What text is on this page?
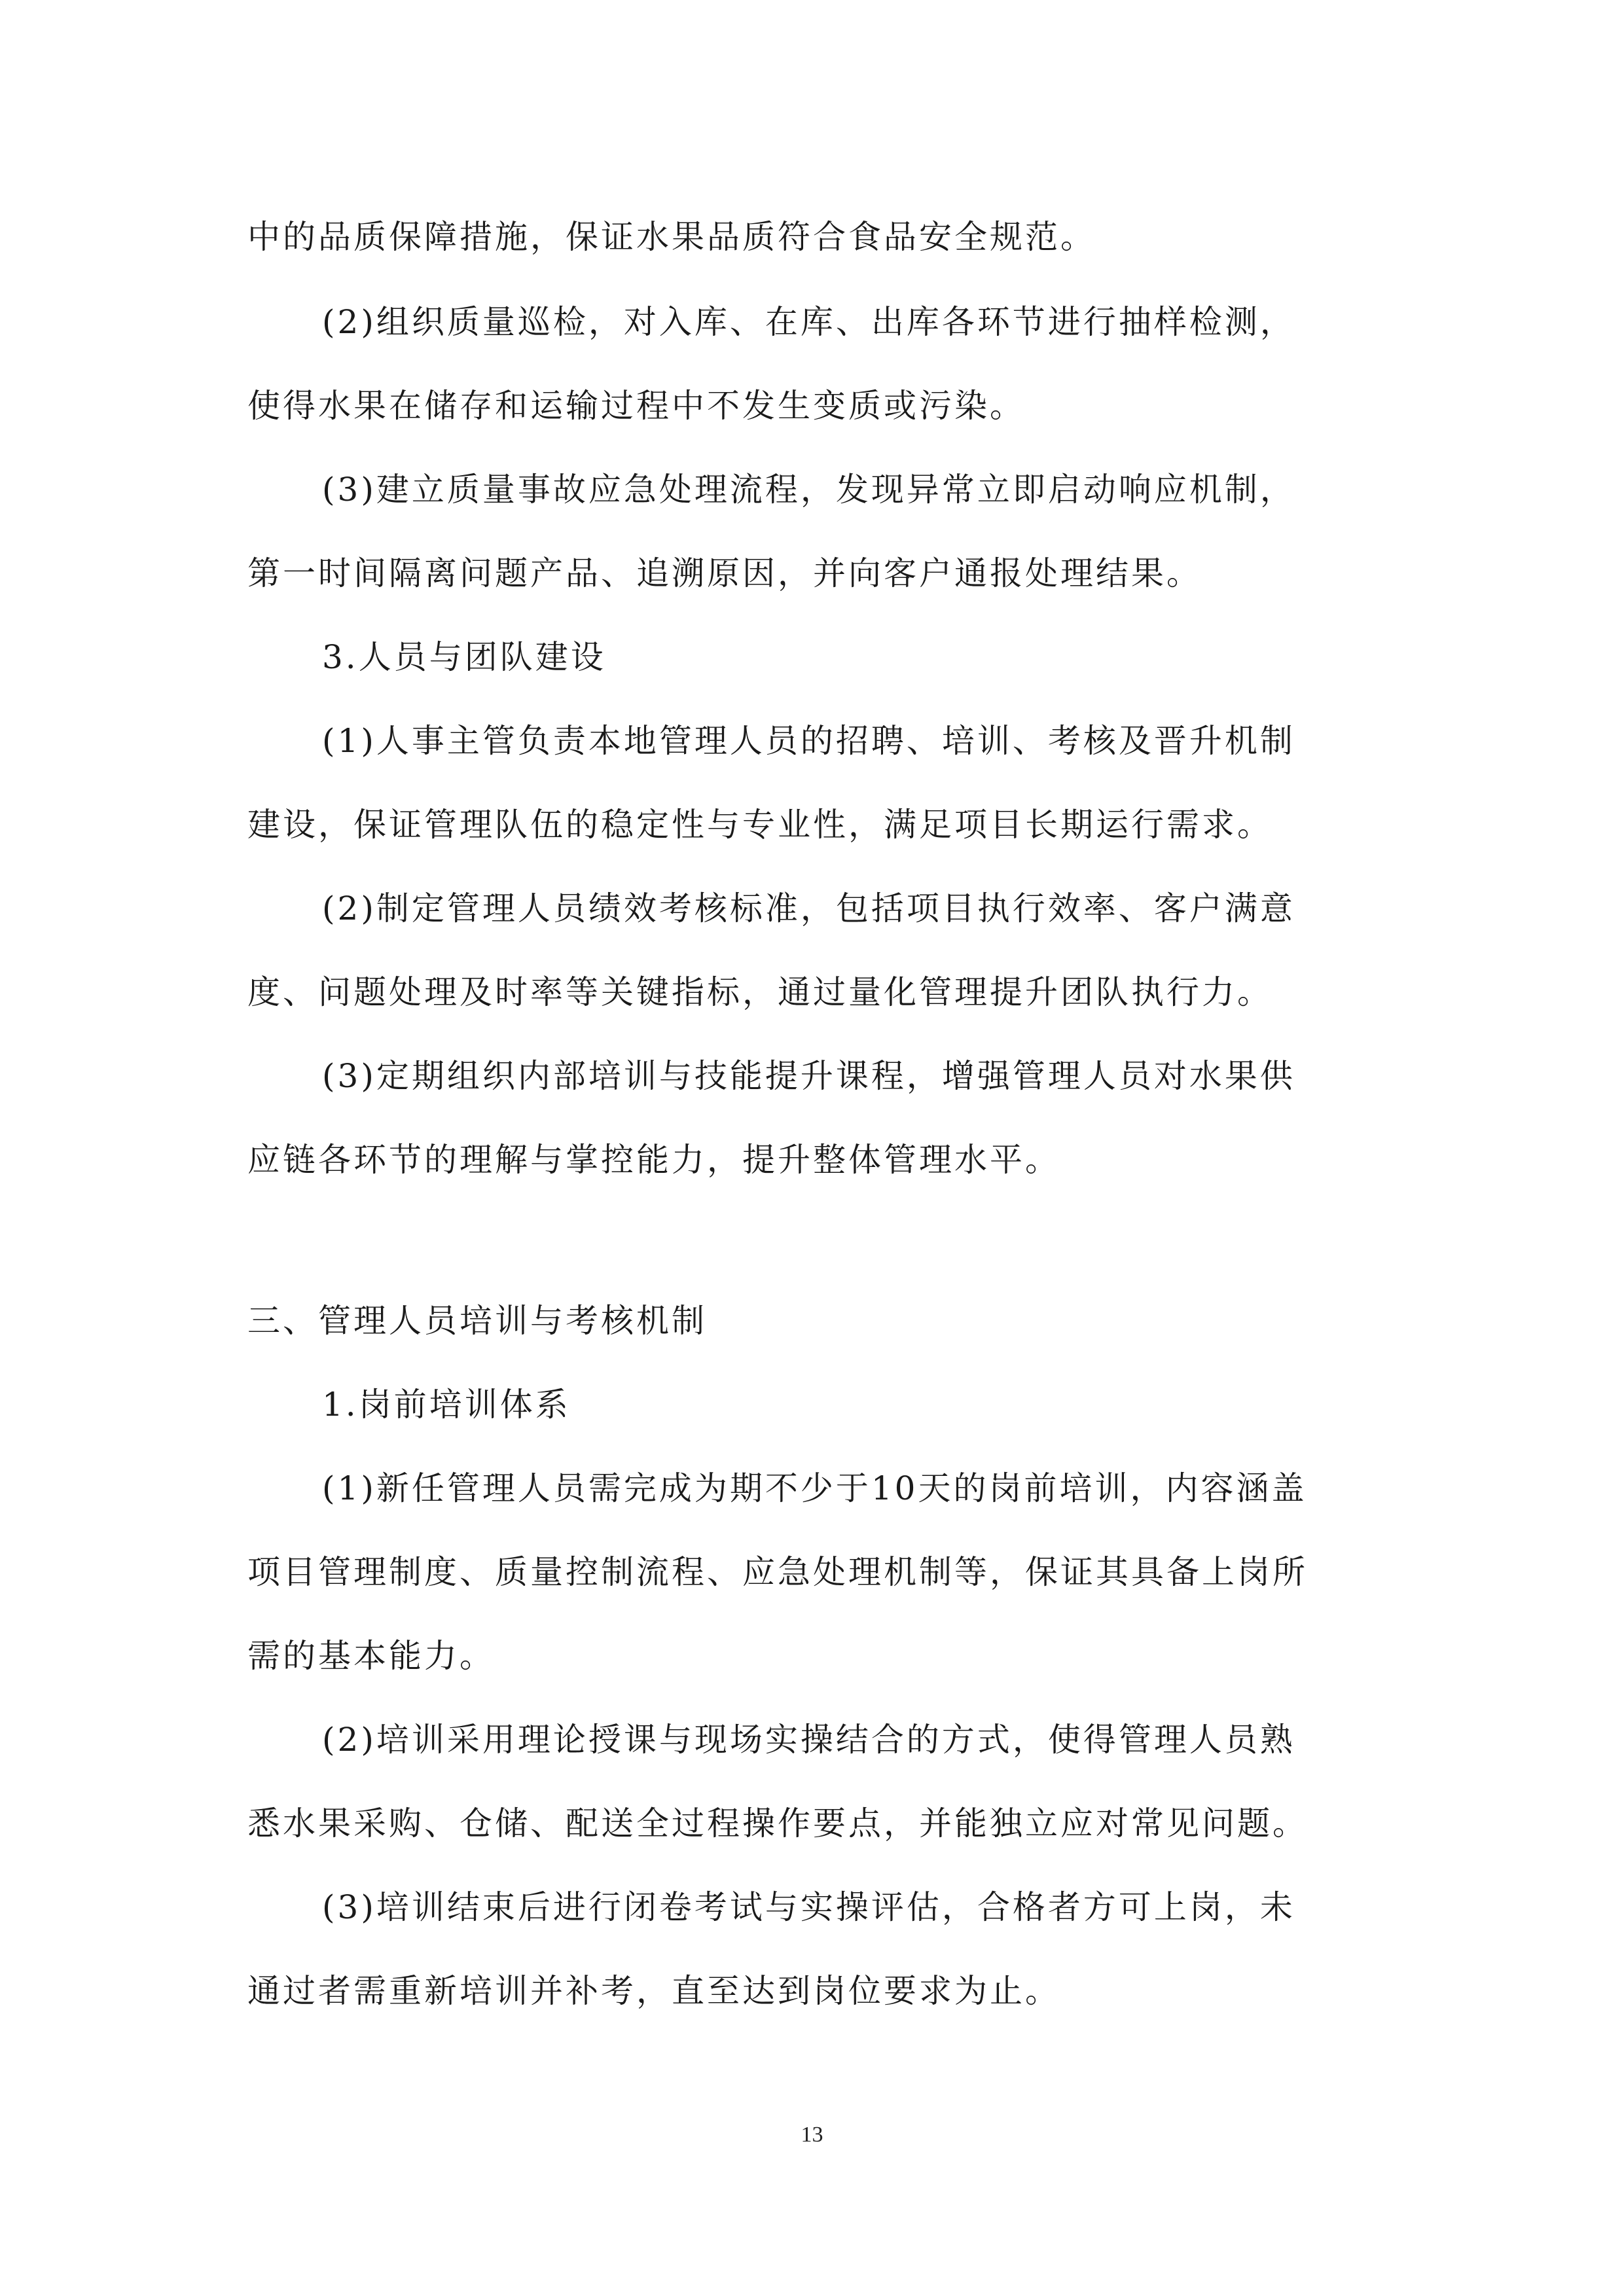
中的品质保障措施，保证水果品质符合食品安全规范。
(2)组织质量巡检，对入库、在库、出库各环节进行抽样检测，
使得水果在储存和运输过程中不发生变质或污染。
(3)建立质量事故应急处理流程，发现异常立即启动响应机制，
第一时间隔离问题产品、追溯原因，并向客户通报处理结果。
3.人员与团队建设
(1)人事主管负责本地管理人员的招聘、培训、考核及晋升机制
建设，保证管理队伍的稳定性与专业性，满足项目长期运行需求。
(2)制定管理人员绩效考核标准，包括项目执行效率、客户满意
度、问题处理及时率等关键指标，通过量化管理提升团队执行力。
(3)定期组织内部培训与技能提升课程，增强管理人员对水果供
应链各环节的理解与掌控能力，提升整体管理水平。
三、管理人员培训与考核机制
1.岗前培训体系
(1)新任管理人员需完成为期不少于10天的岗前培训，内容涵盖
项目管理制度、质量控制流程、应急处理机制等，保证其具备上岗所
需的基本能力。
(2)培训采用理论授课与现场实操结合的方式，使得管理人员熟
悉水果采购、仓储、配送全过程操作要点，并能独立应对常见问题。
(3)培训结束后进行闭卷考试与实操评估，合格者方可上岗，未
通过者需重新培训并补考，直至达到岗位要求为止。
13
